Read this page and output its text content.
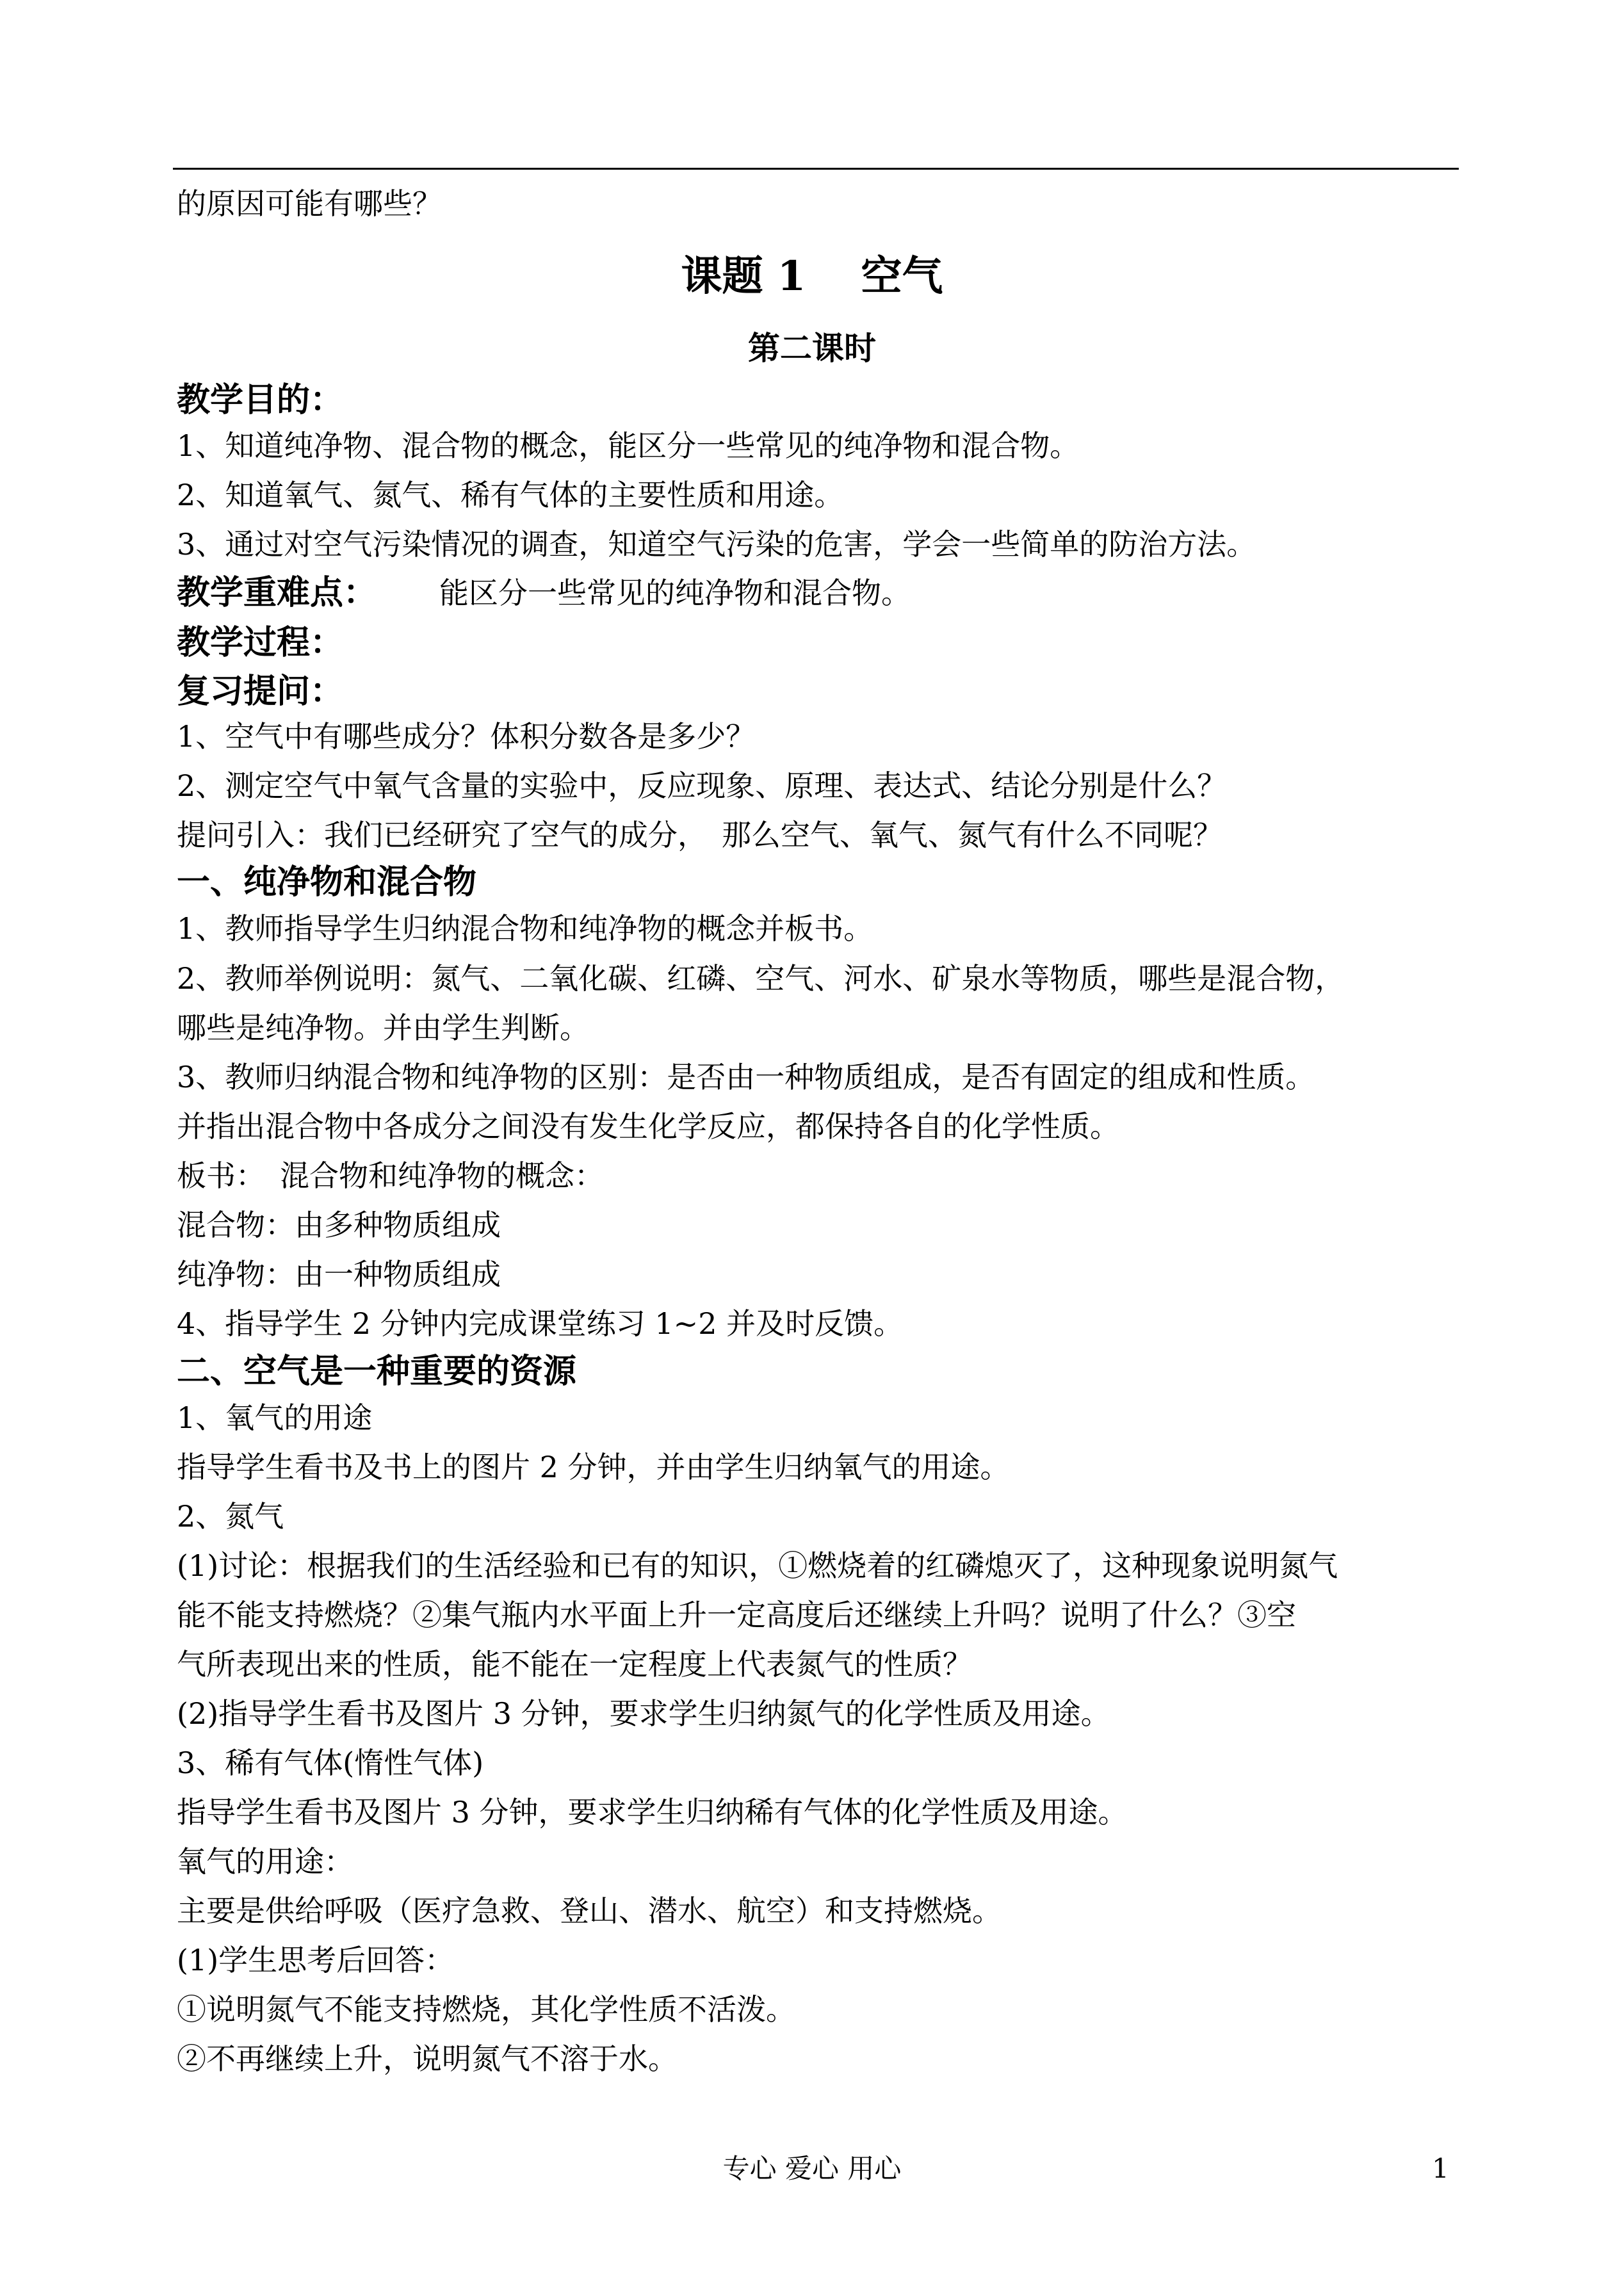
的原因可能有哪些？
课题 1　 空气
第二课时
教学目的：
1、知道纯净物、混合物的概念，能区分一些常见的纯净物和混合物。
2、知道氧气、氮气、稀有气体的主要性质和用途。
3、通过对空气污染情况的调查，知道空气污染的危害，学会一些简单的防治方法。
教学重难点： 能区分一些常见的纯净物和混合物。
教学过程：
复习提问：
1、空气中有哪些成分？体积分数各是多少？
2、测定空气中氧气含量的实验中，反应现象、原理、表达式、结论分别是什么？
提问引入：我们已经研究了空气的成分，　那么空气、氧气、氮气有什么不同呢？
一、纯净物和混合物
1、教师指导学生归纳混合物和纯净物的概念并板书。
2、教师举例说明：氮气、二氧化碳、红磷、空气、河水、矿泉水等物质，哪些是混合物，
哪些是纯净物。并由学生判断。
3、教师归纳混合物和纯净物的区别：是否由一种物质组成，是否有固定的组成和性质。
并指出混合物中各成分之间没有发生化学反应，都保持各自的化学性质。
板书：　混合物和纯净物的概念：
混合物：由多种物质组成
纯净物：由一种物质组成
4、指导学生 2 分钟内完成课堂练习 1~2 并及时反馈。
二、空气是一种重要的资源
1、氧气的用途
指导学生看书及书上的图片 2 分钟，并由学生归纳氧气的用途。
2、氮气
(1)讨论：根据我们的生活经验和已有的知识，①燃烧着的红磷熄灭了，这种现象说明氮气
能不能支持燃烧？②集气瓶内水平面上升一定高度后还继续上升吗？说明了什么？③空
气所表现出来的性质，能不能在一定程度上代表氮气的性质？
(2)指导学生看书及图片 3 分钟，要求学生归纳氮气的化学性质及用途。
3、稀有气体(惰性气体)
指导学生看书及图片 3 分钟，要求学生归纳稀有气体的化学性质及用途。
氧气的用途：
主要是供给呼吸（医疗急救、登山、潜水、航空）和支持燃烧。
(1)学生思考后回答：
①说明氮气不能支持燃烧，其化学性质不活泼。
②不再继续上升，说明氮气不溶于水。
专心 爱心 用心	1
